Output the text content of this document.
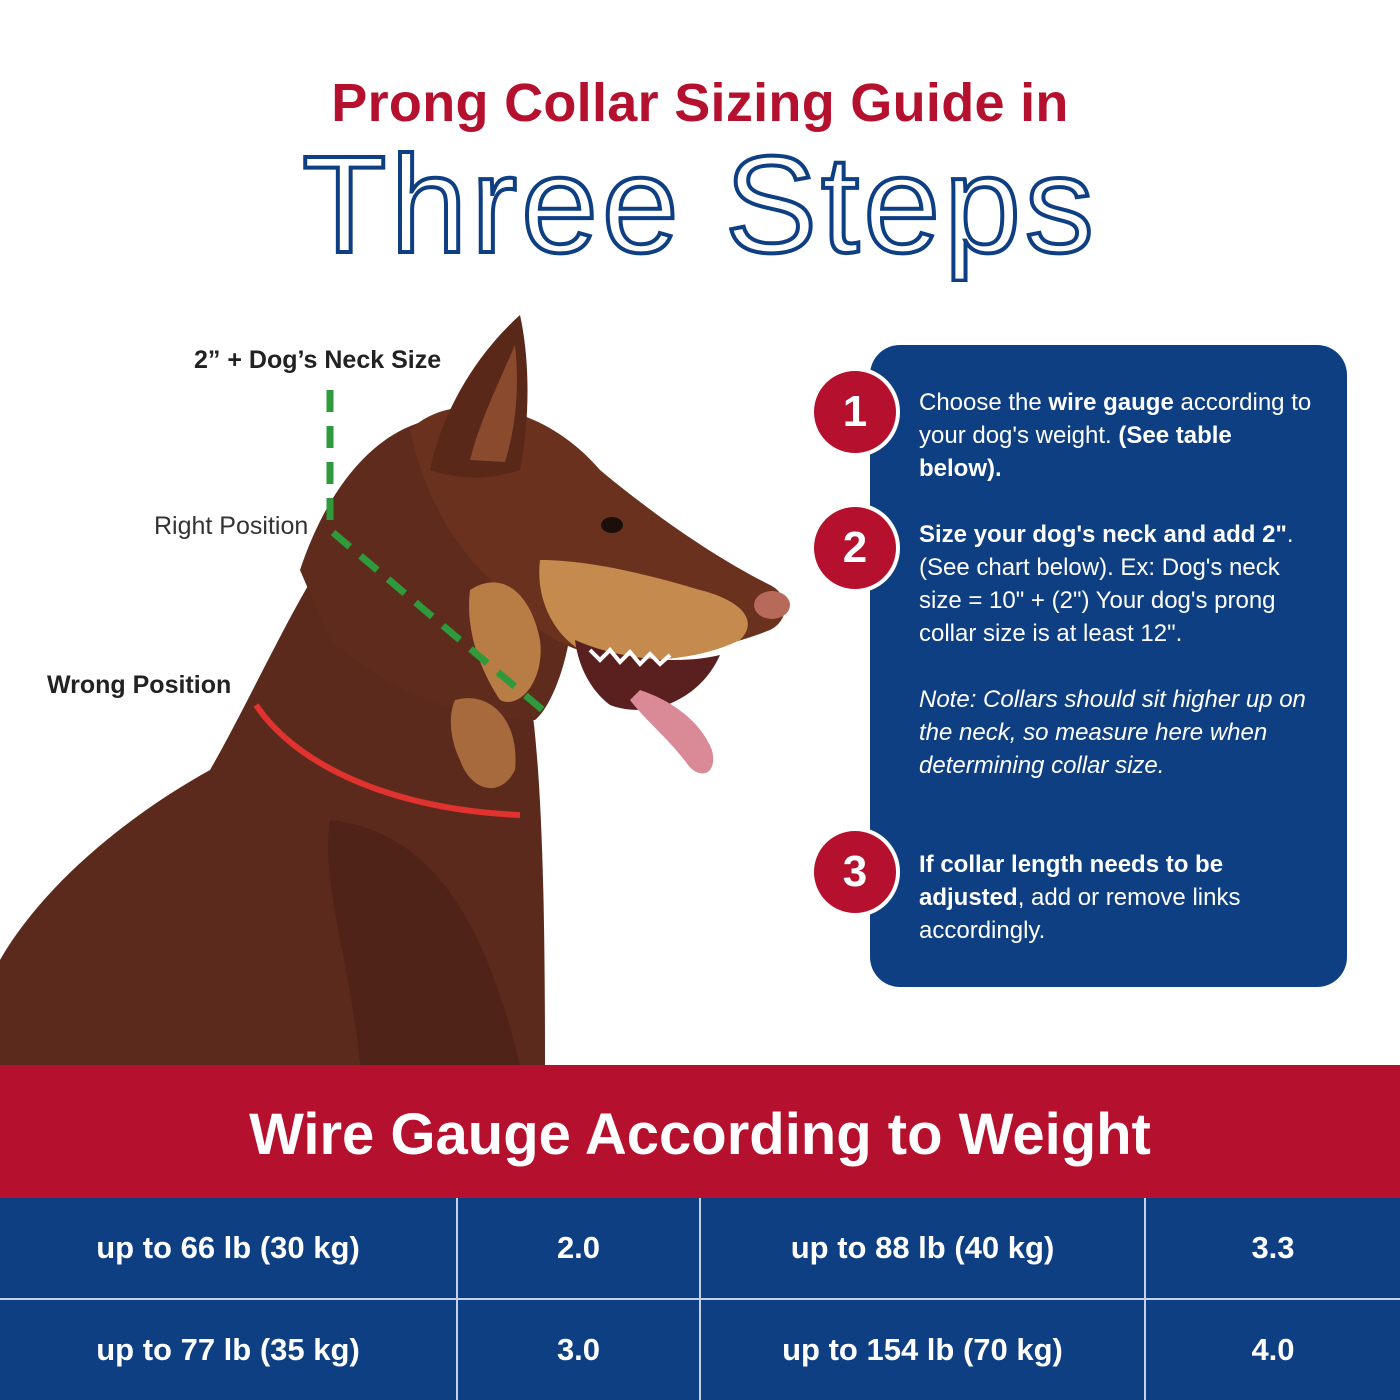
Prong Collar Sizing Guide in
Three Steps
2” + Dog’s Neck Size
Right Position
Wrong Position
1	Choose the wire gauge according to your dog's weight. (See table below).
2	Size your dog's neck and add 2". (See chart below). Ex: Dog's neck size = 10" + (2") Your dog's prong collar size is at least 12".

Note: Collars should sit higher up on the neck, so measure here when determining collar size.
3	If collar length needs to be adjusted, add or remove links accordingly.
Wire Gauge According to Weight
up to 66 lb (30 kg)	2.0	up to 88 lb (40 kg)	3.3
up to 77 lb (35 kg)	3.0	up to 154 lb (70 kg)	4.0
